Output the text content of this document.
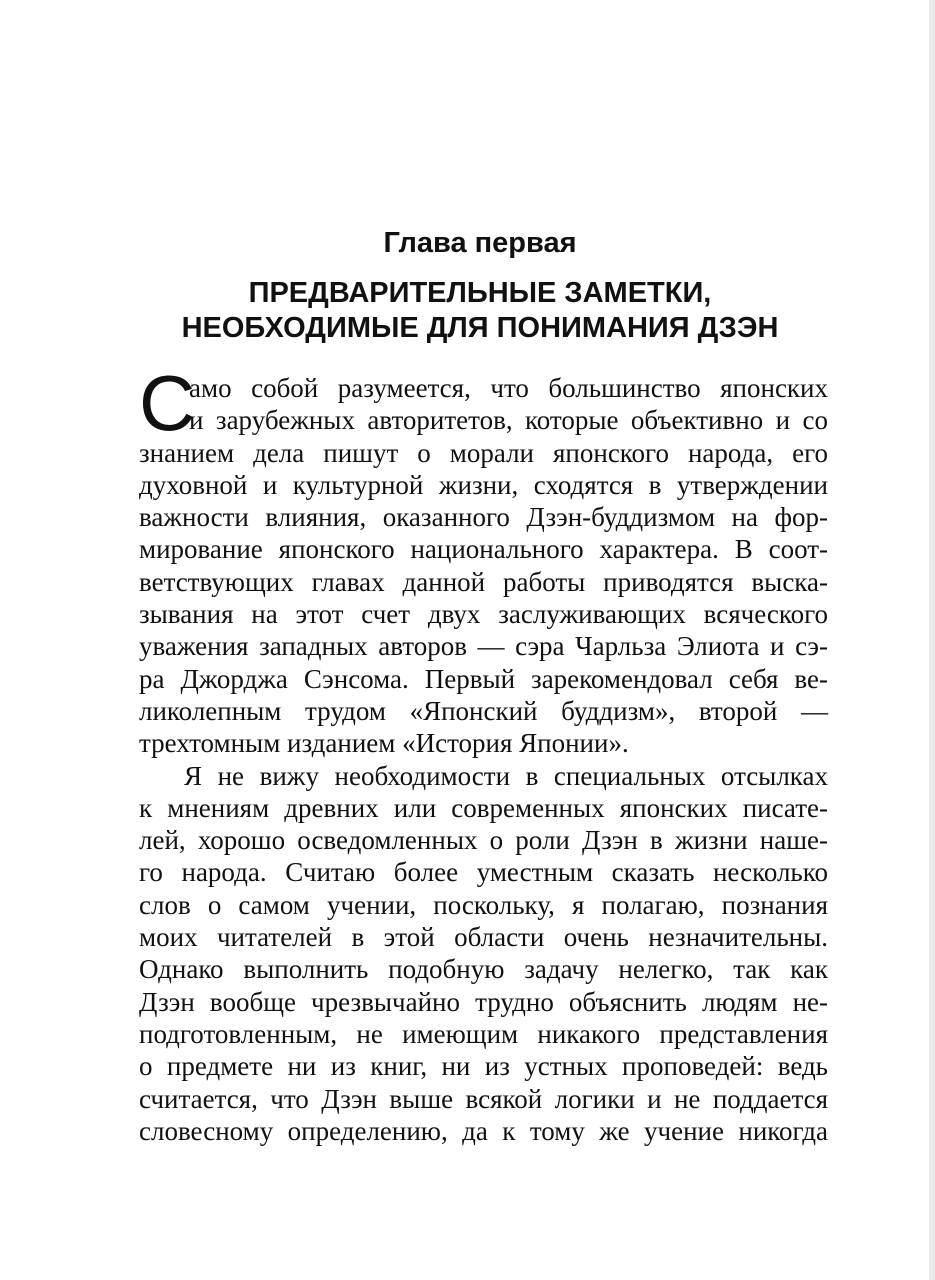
Глава первая
ПРЕДВАРИТЕЛЬНЫЕ ЗАМЕТКИ,
НЕОБХОДИМЫЕ ДЛЯ ПОНИМАНИЯ ДЗЭН
С
амо собой разумеется, что большинство японских
и зарубежных авторитетов, которые объективно и со
знанием дела пишут о морали японского народа, его
духовной и культурной жизни, сходятся в утверждении
важности влияния, оказанного Дзэн-буддизмом на фор-
мирование японского национального характера. В соот-
ветствующих главах данной работы приводятся выска-
зывания на этот счет двух заслуживающих всяческого
уважения западных авторов — сэра Чарльза Элиота и сэ-
ра Джорджа Сэнсома. Первый зарекомендовал себя ве-
ликолепным трудом «Японский буддизм», второй —
трехтомным изданием «История Японии».
Я не вижу необходимости в специальных отсылках
к мнениям древних или современных японских писате-
лей, хорошо осведомленных о роли Дзэн в жизни наше-
го народа. Считаю более уместным сказать несколько
слов о самом учении, поскольку, я полагаю, познания
моих читателей в этой области очень незначительны.
Однако выполнить подобную задачу нелегко, так как
Дзэн вообще чрезвычайно трудно объяснить людям не-
подготовленным, не имеющим никакого представления
о предмете ни из книг, ни из устных проповедей: ведь
считается, что Дзэн выше всякой логики и не поддается
словесному определению, да к тому же учение никогда
